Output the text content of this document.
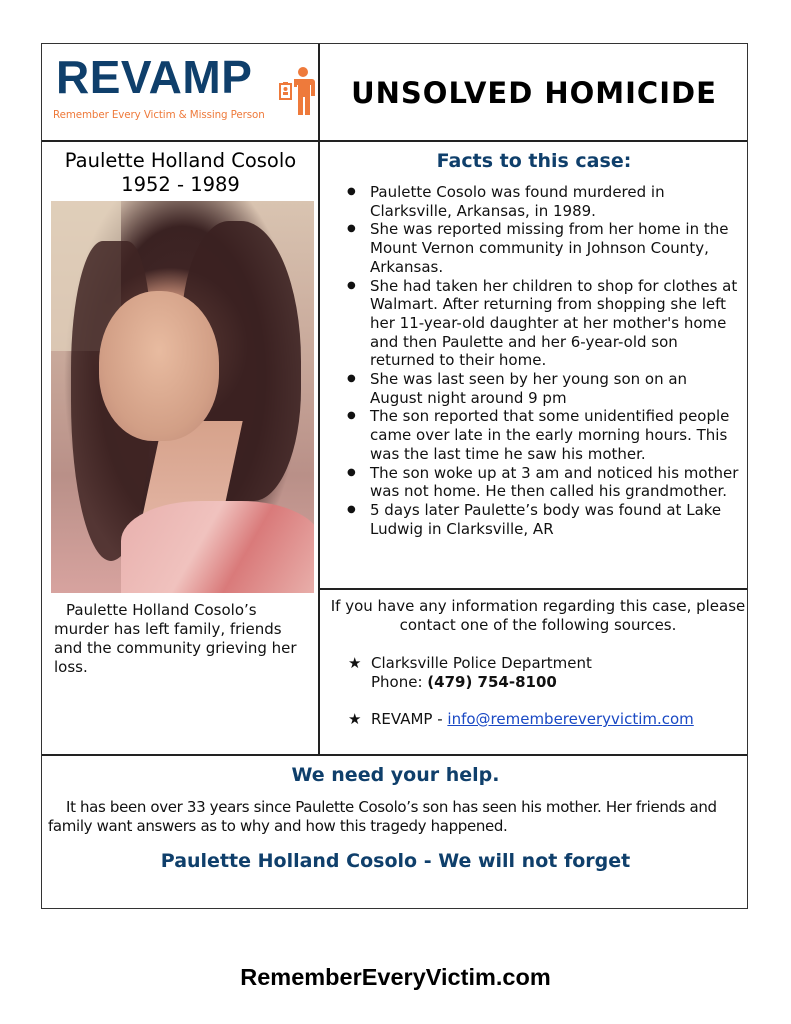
REVAMP
Remember Every Victim & Missing Person
UNSOLVED HOMICIDE
Paulette Holland Cosolo
1952 - 1989
Paulette Holland Cosolo’s murder has left family, friends and the community grieving her loss.
Facts to this case:
● Paulette Cosolo was found murdered in Clarksville, Arkansas, in 1989.
● She was reported missing from her home in the Mount Vernon community in Johnson County, Arkansas.
● She had taken her children to shop for clothes at Walmart. After returning from shopping she left her 11-year-old daughter at her mother's home and then Paulette and her 6-year-old son returned to their home.
● She was last seen by her young son on an August night around 9 pm
● The son reported that some unidentified people came over late in the early morning hours. This was the last time he saw his mother.
● The son woke up at 3 am and noticed his mother was not home. He then called his grandmother.
● 5 days later Paulette’s body was found at Lake Ludwig in Clarksville, AR
If you have any information regarding this case, please contact one of the following sources.
★ Clarksville Police Department
Phone: (479) 754-8100
★ REVAMP - info@remembereveryvictim.com
We need your help.
It has been over 33 years since Paulette Cosolo’s son has seen his mother. Her friends and family want answers as to why and how this tragedy happened.
Paulette Holland Cosolo - We will not forget
RememberEveryVictim.com
